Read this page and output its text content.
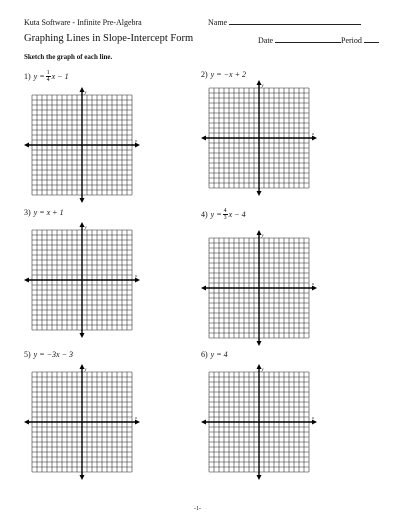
Kuta Software - Infinite Pre-Algebra	Name
Graphing Lines in Slope-Intercept Form	Date	Period
Sketch the graph of each line.
1) $y = \frac{1}{4}$ x − 1	2) y = −x + 2
3) y = x + 1	4) $y = \frac{4}{3}$ x − 4
5) y = −3x − 3	6) y = 4
x
y
x
y
x
y
x
y
x
y
x
y
-1-
